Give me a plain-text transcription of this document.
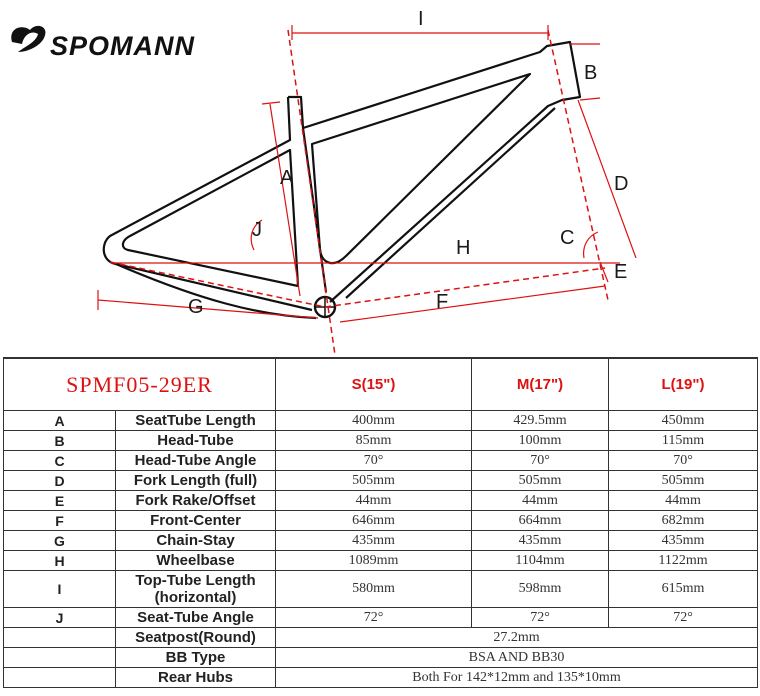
SPOMANN
I
B
A	D
J
H	C
E
G	F
SPMF05-29ER		S(15")	M(17")	L(19")
A	SeatTube Length	400mm	429.5mm	450mm
B	Head-Tube	85mm	100mm	115mm
C	Head-Tube Angle	70°	70°	70°
D	Fork Length (full)	505mm	505mm	505mm
E	Fork Rake/Offset	44mm	44mm	44mm
F	Front-Center	646mm	664mm	682mm
G	Chain-Stay	435mm	435mm	435mm
H	Wheelbase	1089mm	1104mm	1122mm
I	Top-Tube Length (horizontal)	580mm	598mm	615mm
J	Seat-Tube Angle	72°	72°	72°
	Seatpost(Round)	27.2mm		
	BB Type	BSA AND BB30		
	Rear Hubs	Both For 142*12mm and 135*10mm		
